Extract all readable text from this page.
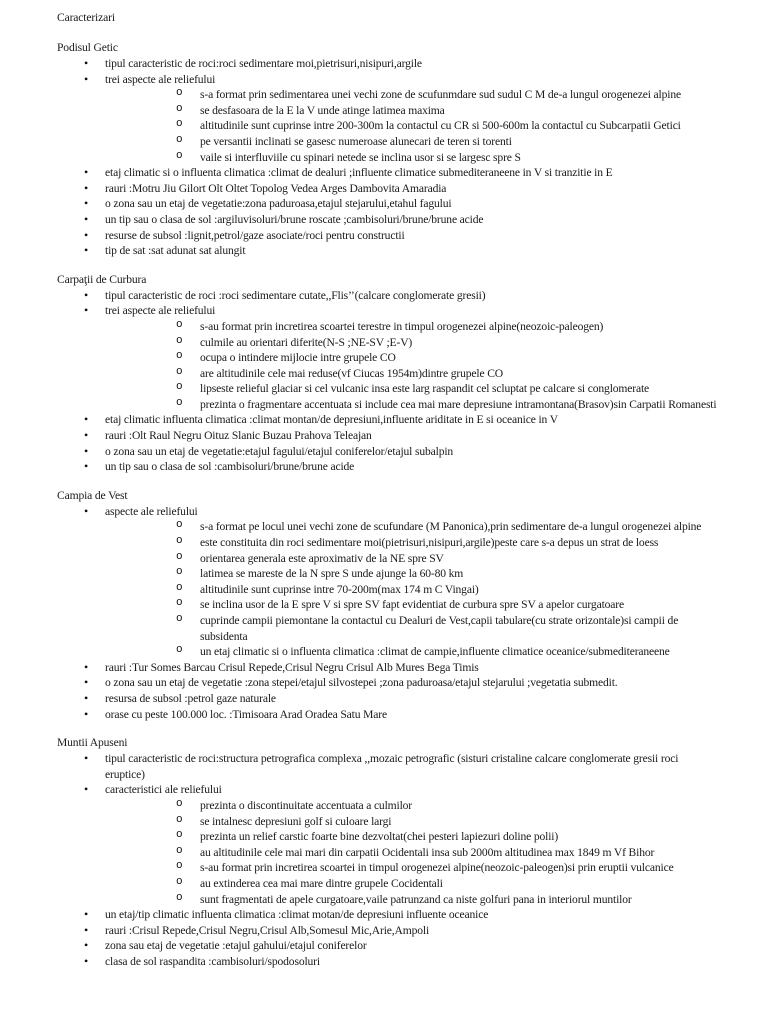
Caracterizari
Podisul Getic
• tipul caracteristic de roci:roci sedimentare moi,pietrisuri,nisipuri,argile
• trei aspecte ale reliefului
o s-a format prin sedimentarea unei vechi zone de scufunmdare sud sudul C M de-a lungul orogenezei alpine
o se desfasoara de la E la V unde atinge latimea maxima
o altitudinile sunt cuprinse intre 200-300m la contactul cu CR si 500-600m la contactul cu Subcarpatii Getici
o pe versantii inclinati se gasesc numeroase alunecari de teren si torenti
o vaile si interfluviile cu spinari netede se inclina usor si se largesc spre S
• etaj climatic si o influenta climatica :climat de dealuri ;influente climatice submediteraneene in V si tranzitie in E
• rauri :Motru Jiu Gilort Olt Oltet Topolog Vedea Arges Dambovita Amaradia
• o zona sau un etaj de vegetatie:zona paduroasa,etajul stejarului,etahul fagului
• un tip sau o clasa de sol :argiluvisoluri/brune roscate ;cambisoluri/brune/brune acide
• resurse de subsol :lignit,petrol/gaze asociate/roci pentru constructii
• tip de sat :sat adunat sat alungit
Carpaţii de Curbura
• tipul caracteristic de roci :roci sedimentare cutate,,Flis’’(calcare conglomerate gresii)
• trei aspecte ale reliefului
o s-au format prin incretirea scoartei terestre in timpul orogenezei alpine(neozoic-paleogen)
o culmile au orientari diferite(N-S ;NE-SV ;E-V)
o ocupa o intindere mijlocie intre grupele CO
o are altitudinile cele mai reduse(vf Ciucas 1954m)dintre grupele CO
o lipseste relieful glaciar si cel vulcanic insa este larg raspandit cel scluptat pe calcare si conglomerate
o prezinta o fragmentare accentuata si include cea mai mare depresiune intramontana(Brasov)sin Carpatii Romanesti
• etaj climatic influenta climatica :climat montan/de depresiuni,influente ariditate in E si oceanice in V
• rauri :Olt Raul Negru Oituz Slanic Buzau Prahova Teleajan
• o zona sau un etaj de vegetatie:etajul fagului/etajul coniferelor/etajul subalpin
• un tip sau o clasa de sol :cambisoluri/brune/brune acide
Campia de Vest
• aspecte ale reliefului
o s-a format pe locul unei vechi zone de scufundare (M Panonica),prin sedimentare de-a lungul orogenezei alpine
o este constituita din roci sedimentare moi(pietrisuri,nisipuri,argile)peste care s-a depus un strat de loess
o orientarea generala este aproximativ de la NE spre SV
o latimea se mareste de la N spre S unde ajunge la 60-80 km
o altitudinile sunt cuprinse intre 70-200m(max 174 m C Vingai)
o se inclina usor de la E spre V si spre SV fapt evidentiat de curbura spre SV a apelor curgatoare
o cuprinde campii piemontane la contactul cu Dealuri de Vest,capii tabulare(cu strate orizontale)si campii de subsidenta
o un etaj climatic si o influenta climatica :climat de campie,influente climatice oceanice/submediteraneene
• rauri :Tur Somes Barcau Crisul Repede,Crisul Negru Crisul Alb Mures Bega Timis
• o zona sau un etaj de vegetatie :zona stepei/etajul silvostepei ;zona paduroasa/etajul stejarului ;vegetatia submedit.
• resursa de subsol :petrol gaze naturale
• orase cu peste 100.000 loc. :Timisoara Arad Oradea Satu Mare
Muntii Apuseni
• tipul caracteristic de roci:structura petrografica complexa ,,mozaic petrografic (sisturi cristaline calcare conglomerate gresii roci eruptice)
• caracteristici ale reliefului
o prezinta o discontinuitate accentuata a culmilor
o se intalnesc depresiuni golf si culoare largi
o prezinta un relief carstic foarte bine dezvoltat(chei pesteri lapiezuri doline polii)
o au altitudinile cele mai mari din carpatii Ocidentali insa sub 2000m altitudinea max 1849 m Vf Bihor
o s-au format prin incretirea scoartei in timpul orogenezei alpine(neozoic-paleogen)si prin eruptii vulcanice
o au extinderea cea mai mare dintre grupele Cocidentali
o sunt fragmentati de apele curgatoare,vaile patrunzand ca niste golfuri pana in interiorul muntilor
• un etaj/tip climatic influenta climatica :climat motan/de depresiuni influente oceanice
• rauri :Crisul Repede,Crisul Negru,Crisul Alb,Somesul Mic,Arie,Ampoli
• zona sau etaj de vegetatie :etajul gahului/etajul coniferelor
• clasa de sol raspandita :cambisoluri/spodosoluri
